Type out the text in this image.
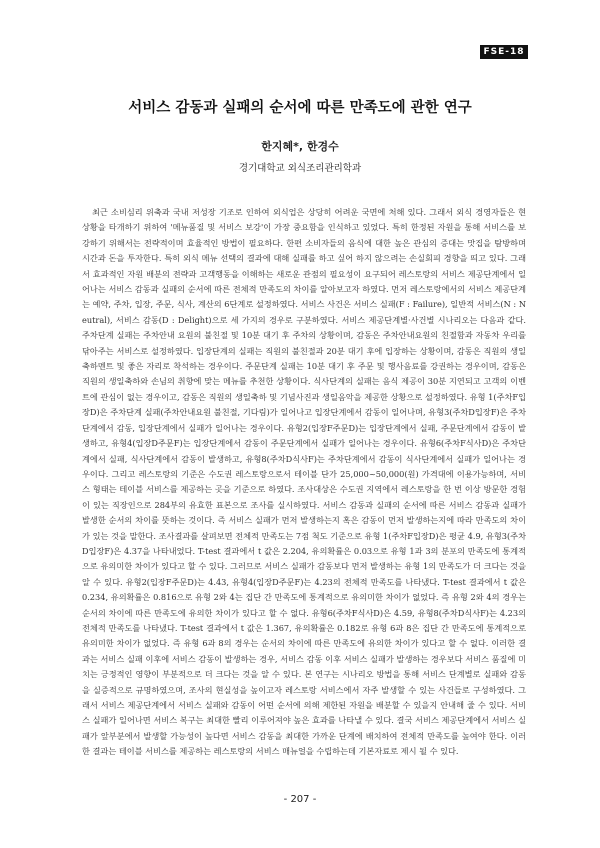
FSE-18
서비스 감동과 실패의 순서에 따른 만족도에 관한 연구
한지혜*, 한경수
경기대학교 외식조리관리학과

최근 소비심리 위축과 국내 저성장 기조로 인하여 외식업은 상당히 어려운 국면에 처해 있다. 그래서 외식 경영자들은 현 상황을 타개하기 위하여 '메뉴품질 및 서비스 보강'이 가장 중요함을 인식하고 있었다. 특히 한정된 자원을 통해 서비스를 보강하기 위해서는 전략적이며 효율적인 방법이 필요하다. 한편 소비자들의 음식에 대한 높은 관심의 증대는 맛집을 탐방하며 시간과 돈을 투자한다. 특히 외식 메뉴 선택의 결과에 대해 실패를 하고 싶어 하지 않으려는 손실회피 경향을 띄고 있다. 그래서 효과적인 자원 배분의 전략과 고객행동을 이해하는 새로운 관점의 필요성이 요구되어 레스토랑의 서비스 제공단계에서 일어나는 서비스 감동과 실패의 순서에 따른 전체적 만족도의 차이를 알아보고자 하였다. 먼저 레스토랑에서의 서비스 제공단계는 예약, 주차, 입장, 주문, 식사, 계산의 6단계로 설정하였다. 서비스 사건은 서비스 실패(F : Failure), 일반적 서비스(N : Neutral), 서비스 감동(D : Delight)으로 세 가지의 경우로 구분하였다. 서비스 제공단계별·사건별 시나리오는 다음과 같다. 주차단계 실패는 주차안내 요원의 불친절 및 10분 대기 후 주차의 상황이며, 감동은 주차안내요원의 친절함과 자동차 우리를 닦아주는 서비스로 설정하였다. 입장단계의 실패는 직원의 불친절과 20분 대기 후에 입장하는 상황이며, 감동은 직원의 생일 축하멘트 및 좋은 자리로 착석하는 경우이다. 주문단계 실패는 10분 대기 후 주문 및 행사음료를 강권하는 경우이며, 감동은 직원의 생일축하와 손님의 취향에 맞는 메뉴를 추천한 상황이다. 식사단계의 실패는 음식 제공이 30분 지연되고 고객의 이벤트에 관심이 없는 경우이고, 감동은 직원의 생일축하 및 기념사진과 생일음악을 제공한 상황으로 설정하였다. 유형 1(주차F입장D)은 주차단계 실패(주차안내요원 불친절, 기다림)가 일어나고 입장단계에서 감동이 일어나며, 유형3(주차D입장F)은 주차단계에서 감동, 입장단계에서 실패가 일어나는 경우이다. 유형2(입장F주문D)는 입장단계에서 실패, 주문단계에서 감동이 발생하고, 유형4(입장D주문F)는 입장단계에서 감동이 주문단계에서 실패가 일어나는 경우이다. 유형6(주차F식사D)은 주차단계에서 실패, 식사단계에서 감동이 발생하고, 유형8(주차D식사F)는 주차단계에서 감동이 식사단계에서 실패가 일어나는 경우이다. 그리고 레스토랑의 기준은 수도권 레스토랑으로서 테이블 단가 25,000~50,000(원) 가격대에 이용가능하며, 서비스 형태는 테이블 서비스를 제공하는 곳을 기준으로 하였다. 조사대상은 수도권 지역에서 레스토랑을 한 번 이상 방문한 경험이 있는 직장인으로 284부의 유효한 표본으로 조사를 실시하였다. 서비스 감동과 실패의 순서에 따른 서비스 감동과 실패가 발생한 순서의 차이를 뜻하는 것이다. 즉 서비스 실패가 먼저 발생하는지 혹은 감동이 먼저 발생하는지에 따라 만족도의 차이가 있는 것을 말한다. 조사결과를 살펴보면 전체적 만족도는 7점 척도 기준으로 유형 1(주차F입장D)은 평균 4.9, 유형3(주차D입장F)은 4.37을 나타내었다. T-test 결과에서 t 값은 2.204, 유의확률은 0.03으로 유형 1과 3의 분포의 만족도에 통계적으로 유의미한 차이가 있다고 할 수 있다. 그러므로 서비스 실패가 감동보다 먼저 발생하는 유형 1의 만족도가 더 크다는 것을 알 수 있다. 유형2(입장F주문D)는 4.43, 유형4(입장D주문F)는 4.23의 전체적 만족도를 나타냈다. T-test 결과에서 t 값은 0.234, 유의확률은 0.816으로 유형 2와 4는 집단 간 만족도에 통계적으로 유의미한 차이가 없었다. 즉 유형 2와 4의 경우는 순서의 차이에 따른 만족도에 유의한 차이가 있다고 할 수 없다. 유형6(주차F식사D)은 4.59, 유형8(주차D식사F)는 4.23의 전체적 만족도를 나타냈다. T-test 결과에서 t 값은 1.367, 유의확률은 0.182로 유형 6과 8은 집단 간 만족도에 통계적으로 유의미한 차이가 없었다. 즉 유형 6과 8의 경우는 순서의 차이에 따른 만족도에 유의한 차이가 있다고 할 수 없다. 이러한 결과는 서비스 실패 이후에 서비스 감동이 발생하는 경우, 서비스 감동 이후 서비스 실패가 발생하는 경우보다 서비스 품질에 미치는 긍정적인 영향이 부분적으로 더 크다는 것을 알 수 있다. 본 연구는 시나리오 방법을 통해 서비스 단계별로 실패와 감동을 실증적으로 규명하였으며, 조사의 현실성을 높이고자 레스토랑 서비스에서 자주 발생할 수 있는 사건들로 구성하였다. 그래서 서비스 제공단계에서 서비스 실패와 감동이 어떤 순서에 의해 제한된 자원을 배분할 수 있을지 안내해 줄 수 있다. 서비스 실패가 일어나면 서비스 복구는 최대한 빨리 이루어져야 높은 효과를 나타낼 수 있다. 결국 서비스 제공단계에서 서비스 실패가 앞부분에서 발생할 가능성이 높다면 서비스 감동을 최대한 가까운 단계에 배치하여 전체적 만족도를 높여야 한다. 이러한 결과는 테이블 서비스를 제공하는 레스토랑의 서비스 매뉴얼을 수립하는데 기본자료로 제시 될 수 있다.

- 207 -
